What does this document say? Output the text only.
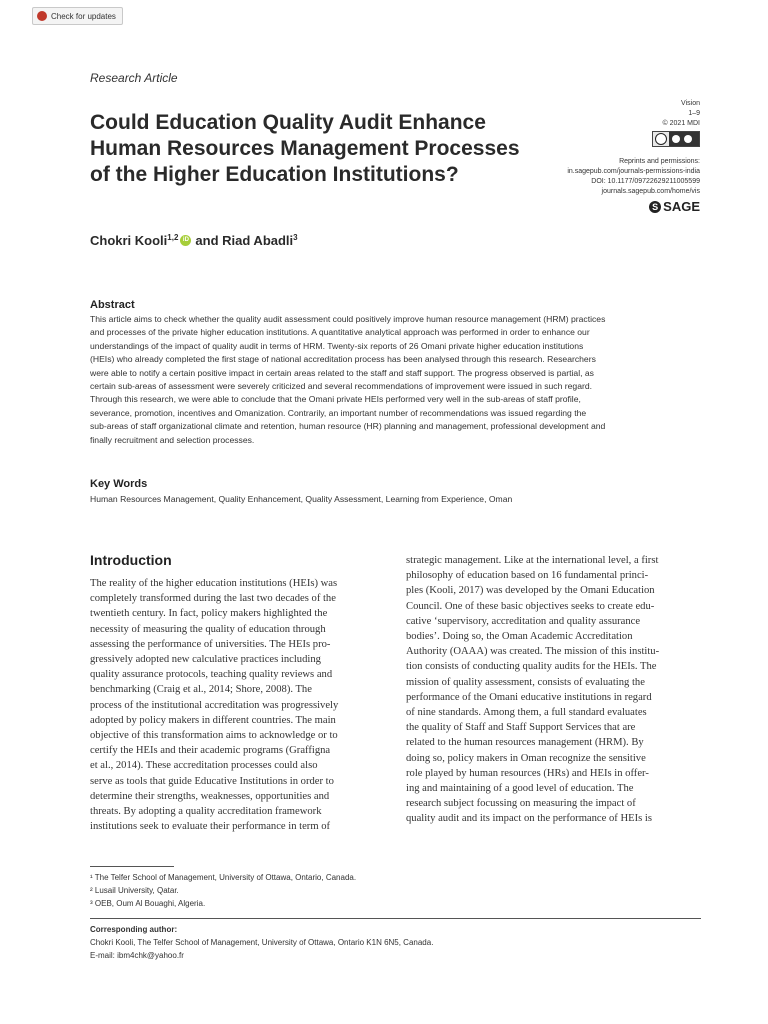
Check for updates
Research Article
Could Education Quality Audit Enhance
Human Resources Management Processes
of the Higher Education Institutions?
Vision
1–9
© 2021 MDI
Reprints and permissions:
in.sagepub.com/journals-permissions-india
DOI: 10.1177/09722629211005599
journals.sagepub.com/home/vis
S SAGE
Chokri Kooli$^{1,2}$ iD and Riad Abadli$^3$
Abstract
This article aims to check whether the quality audit assessment could positively improve human resource management (HRM) practices
and processes of the private higher education institutions. A quantitative analytical approach was performed in order to enhance our
understandings of the impact of quality audit in terms of HRM. Twenty-six reports of 26 Omani private higher education institutions
(HEIs) who already completed the first stage of national accreditation process has been analysed through this research. Researchers
were able to notify a certain positive impact in certain areas related to the staff and staff support. The progress observed is partial, as
certain sub-areas of assessment were severely criticized and several recommendations of improvement were issued in such regard.
Through this research, we were able to conclude that the Omani private HEIs performed very well in the sub-areas of staff profile,
severance, promotion, incentives and Omanization. Contrarily, an important number of recommendations was issued regarding the
sub-areas of staff organizational climate and retention, human resource (HR) planning and management, professional development and
finally recruitment and selection processes.
Key Words
Human Resources Management, Quality Enhancement, Quality Assessment, Learning from Experience, Oman
Introduction
The reality of the higher education institutions (HEIs) was
completely transformed during the last two decades of the
twentieth century. In fact, policy makers highlighted the
necessity of measuring the quality of education through
assessing the performance of universities. The HEIs pro-
gressively adopted new calculative practices including
quality assurance protocols, teaching quality reviews and
benchmarking (Craig et al., 2014; Shore, 2008). The
process of the institutional accreditation was progressively
adopted by policy makers in different countries. The main
objective of this transformation aims to acknowledge or to
certify the HEIs and their academic programs (Graffigna
et al., 2014). These accreditation processes could also
serve as tools that guide Educative Institutions in order to
determine their strengths, weaknesses, opportunities and
threats. By adopting a quality accreditation framework
institutions seek to evaluate their performance in term of
strategic management. Like at the international level, a first
philosophy of education based on 16 fundamental princi-
ples (Kooli, 2017) was developed by the Omani Education
Council. One of these basic objectives seeks to create edu-
cative ‘supervisory, accreditation and quality assurance
bodies’. Doing so, the Oman Academic Accreditation
Authority (OAAA) was created. The mission of this institu-
tion consists of conducting quality audits for the HEIs. The
mission of quality assessment, consists of evaluating the
performance of the Omani educative institutions in regard
of nine standards. Among them, a full standard evaluates
the quality of Staff and Staff Support Services that are
related to the human resources management (HRM). By
doing so, policy makers in Oman recognize the sensitive
role played by human resources (HRs) and HEIs in offer-
ing and maintaining of a good level of education. The
research subject focussing on measuring the impact of
quality audit and its impact on the performance of HEIs is
¹ The Telfer School of Management, University of Ottawa, Ontario, Canada.
² Lusail University, Qatar.
³ OEB, Oum Al Bouaghi, Algeria.
Corresponding author:
Chokri Kooli, The Telfer School of Management, University of Ottawa, Ontario K1N 6N5, Canada.
E-mail: ibm4chk@yahoo.fr
